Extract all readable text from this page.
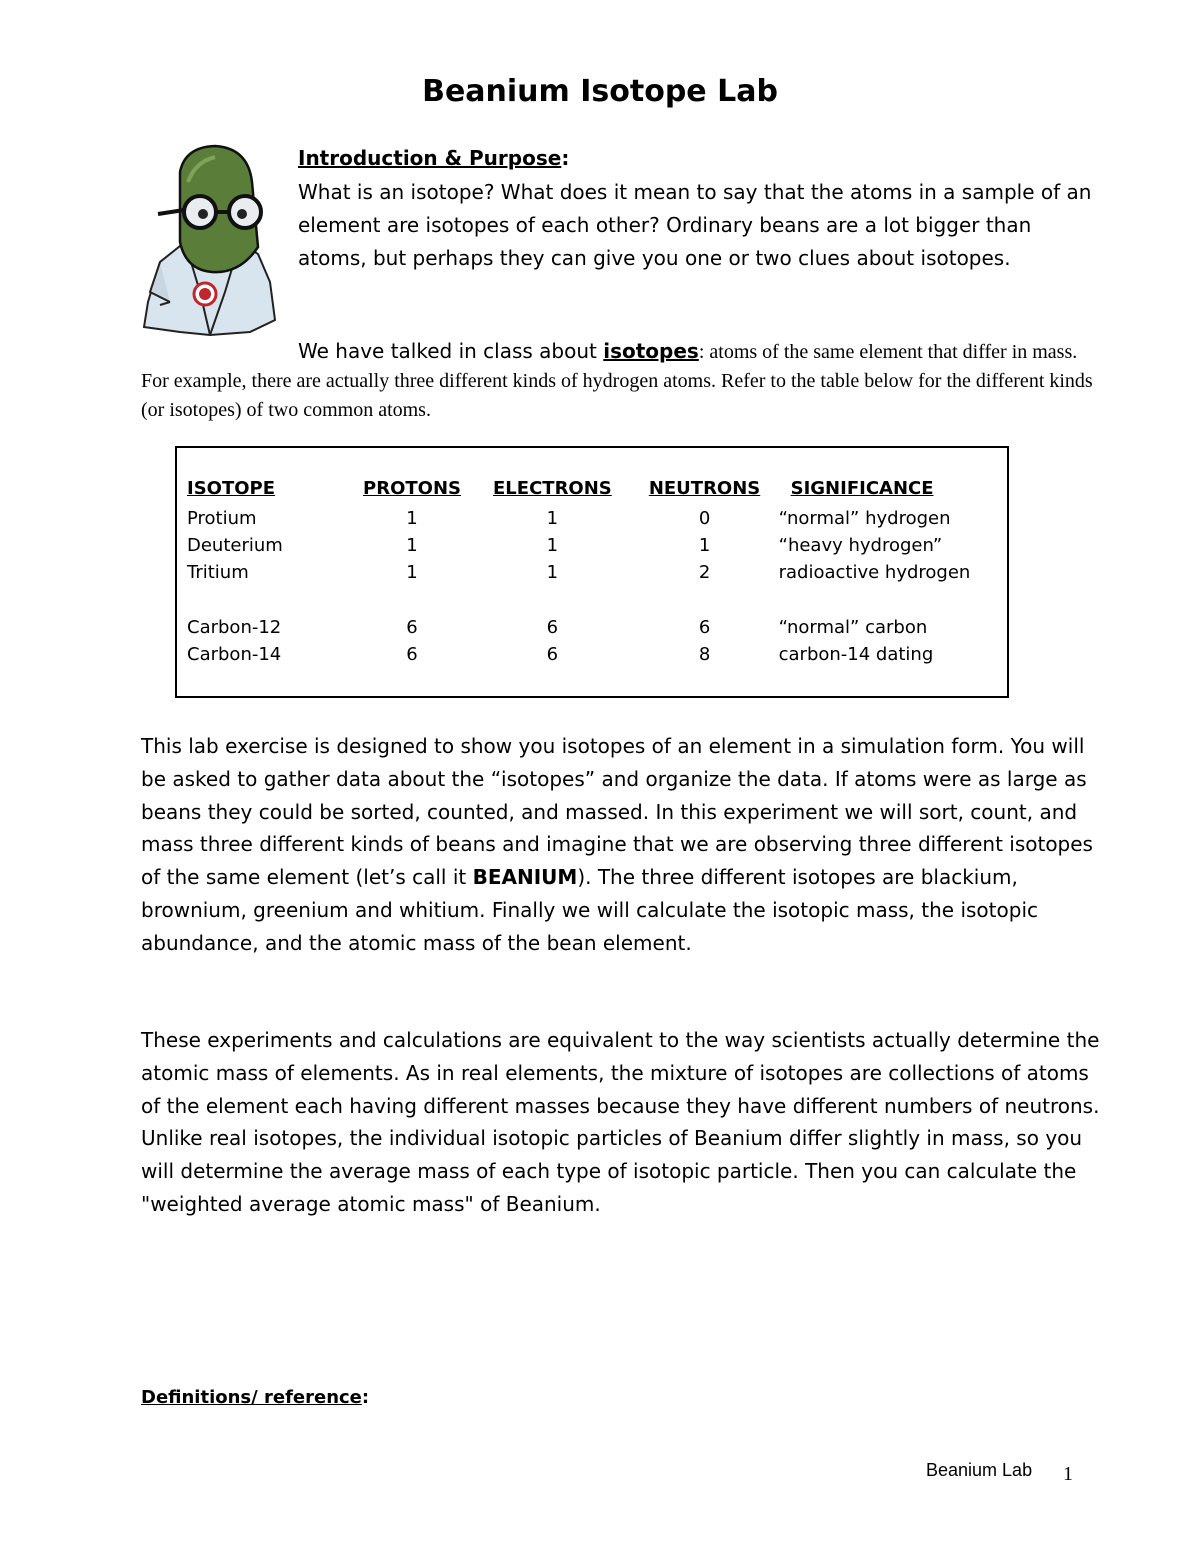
Beanium Isotope Lab
Introduction & Purpose:
What is an isotope? What does it mean to say that the atoms in a sample of an element are isotopes of each other? Ordinary beans are a lot bigger than atoms, but perhaps they can give you one or two clues about isotopes.
We have talked in class about isotopes: atoms of the same element that differ in mass. For example, there are actually three different kinds of hydrogen atoms. Refer to the table below for the different kinds (or isotopes) of two common atoms.
ISOTOPE	PROTONS	ELECTRONS	NEUTRONS	SIGNIFICANCE
Protium	1	1	0	“normal” hydrogen
Deuterium	1	1	1	“heavy hydrogen”
Tritium	1	1	2	radioactive hydrogen

Carbon-12	6	6	6	“normal” carbon
Carbon-14	6	6	8	carbon-14 dating
This lab exercise is designed to show you isotopes of an element in a simulation form. You will be asked to gather data about the “isotopes” and organize the data. If atoms were as large as beans they could be sorted, counted, and massed. In this experiment we will sort, count, and mass three different kinds of beans and imagine that we are observing three different isotopes of the same element (let’s call it BEANIUM). The three different isotopes are blackium, brownium, greenium and whitium. Finally we will calculate the isotopic mass, the isotopic abundance, and the atomic mass of the bean element.
These experiments and calculations are equivalent to the way scientists actually determine the atomic mass of elements. As in real elements, the mixture of isotopes are collections of atoms of the element each having different masses because they have different numbers of neutrons. Unlike real isotopes, the individual isotopic particles of Beanium differ slightly in mass, so you will determine the average mass of each type of isotopic particle. Then you can calculate the "weighted average atomic mass" of Beanium.
Definitions/ reference:
Beanium Lab 1
